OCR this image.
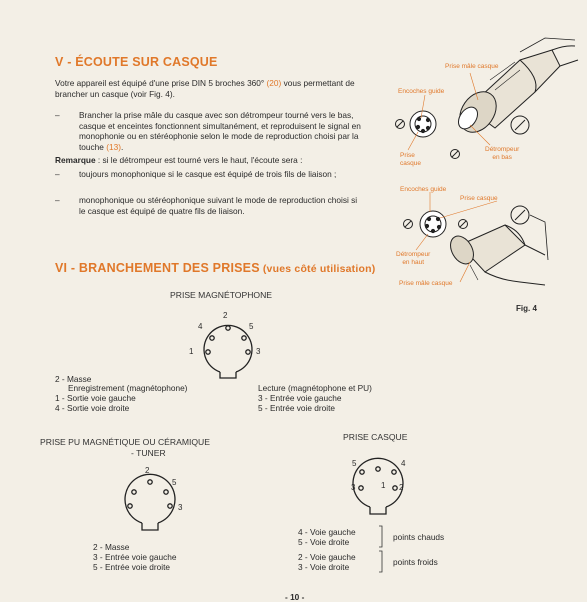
V - ÉCOUTE SUR CASQUE
Votre appareil est équipé d'une prise DIN 5 broches 360° (20) vous permettant de brancher un casque (voir Fig. 4).
– Brancher la prise mâle du casque avec son détrompeur tourné vers le bas, casque et enceintes fonctionnent simultanément, et reproduisent le signal en monophonie ou en stéréophonie selon le mode de reproduction choisi par la touche (13).
Remarque : si le détrompeur est tourné vers le haut, l'écoute sera :
– toujours monophonique si le casque est équipé de trois fils de liaison ;
– monophonique ou stéréophonique suivant le mode de reproduction choisi si le casque est équipé de quatre fils de liaison.
Prise mâle casque
Encoches guide
Prise
casque
Détrompeur
en bas
Encoches guide
Prise casque
Détrompeur
en haut
Prise mâle casque
Fig. 4
VI - BRANCHEMENT DES PRISES (vues côté utilisation)
PRISE MAGNÉTOPHONE
2
4	5
1	3
2 - Masse
Enregistrement (magnétophone)
1 - Sortie voie gauche
4 - Sortie voie droite
Lecture (magnétophone et PU)
3 - Entrée voie gauche
5 - Entrée voie droite
PRISE PU MAGNÉTIQUE OU CÉRAMIQUE
- TUNER
2
5
3
2 - Masse
3 - Entrée voie gauche
5 - Entrée voie droite
PRISE CASQUE
5	4
1
3	2
4 - Voie gauche
5 - Voie droite
2 - Voie gauche
3 - Voie droite
points chauds
points froids
- 10 -
